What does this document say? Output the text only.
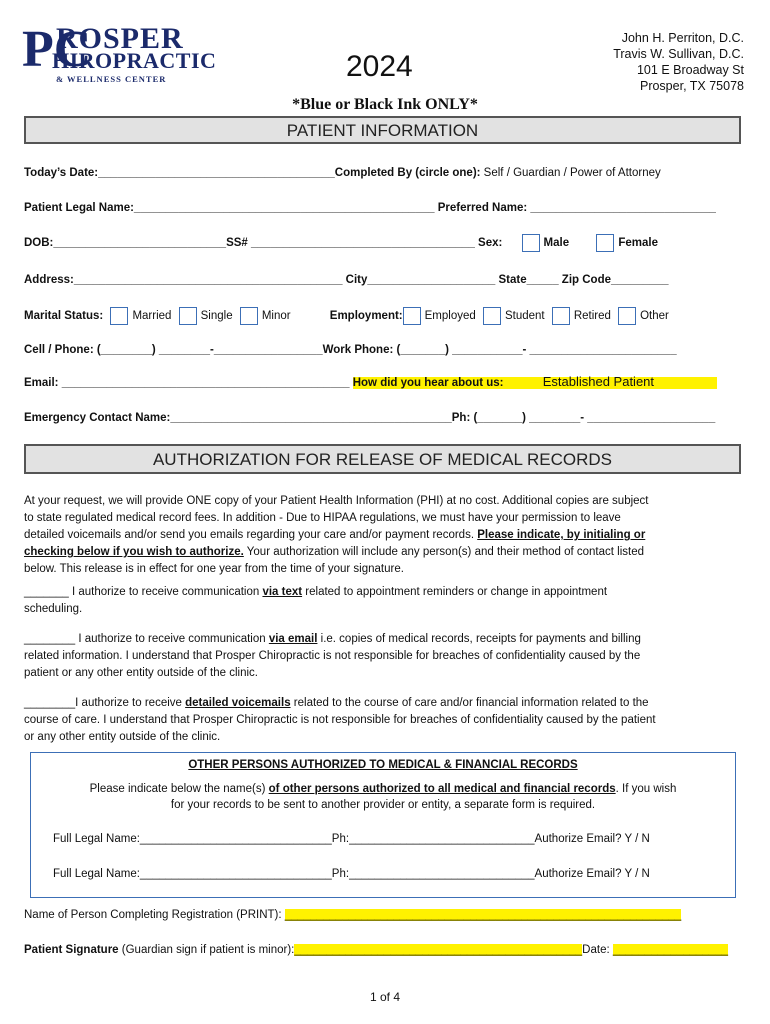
PC
ROSPER
HIROPRACTIC
& WELLNESS CENTER	2024
John H. Perriton, D.C.
Travis W. Sullivan, D.C.
101 E Broadway St
Prosper, TX 75078
*Blue or Black Ink ONLY*
PATIENT INFORMATION
Today’s Date:_____________________________________Completed By (circle one): Self / Guardian / Power of Attorney
Patient Legal Name:_______________________________________________ Preferred Name: _____________________________
DOB:___________________________SS# ___________________________________ Sex:	Male	Female
Address:__________________________________________ City____________________ State_____ Zip Code_________
Marital Status:	Married	Single	Minor	Employment: Employed	Student	Retired	Other
Cell / Phone: (________) ________-_________________Work Phone: (_______) ___________- _______________________
Email: _____________________________________________ How did you hear about us:	Established Patient
Emergency Contact Name:____________________________________________Ph: (_______) ________- ____________________
AUTHORIZATION FOR RELEASE OF MEDICAL RECORDS
At your request, we will provide ONE copy of your Patient Health Information (PHI) at no cost. Additional copies are subject
to state regulated medical record fees. In addition - Due to HIPAA regulations, we must have your permission to leave
detailed voicemails and/or send you emails regarding your care and/or payment records. Please indicate, by initialing or
checking below if you wish to authorize. Your authorization will include any person(s) and their method of contact listed
below. This release is in effect for one year from the time of your signature.
_______ I authorize to receive communication via text related to appointment reminders or change in appointment
scheduling.
________ I authorize to receive communication via email i.e. copies of medical records, receipts for payments and billing
related information. I understand that Prosper Chiropractic is not responsible for breaches of confidentiality caused by the
patient or any other entity outside of the clinic.
________I authorize to receive detailed voicemails related to the course of care and/or financial information related to the
course of care. I understand that Prosper Chiropractic is not responsible for breaches of confidentiality caused by the patient
or any other entity outside of the clinic.
OTHER PERSONS AUTHORIZED TO MEDICAL & FINANCIAL RECORDS
Please indicate below the name(s) of other persons authorized to all medical and financial records. If you wish
for your records to be sent to another provider or entity, a separate form is required.
Full Legal Name:______________________________Ph:_____________________________Authorize Email? Y / N
Full Legal Name:______________________________Ph:_____________________________Authorize Email? Y / N
Name of Person Completing Registration (PRINT): ______________________________________________________________
Patient Signature (Guardian sign if patient is minor):_____________________________________________Date: __________________
1 of 4
